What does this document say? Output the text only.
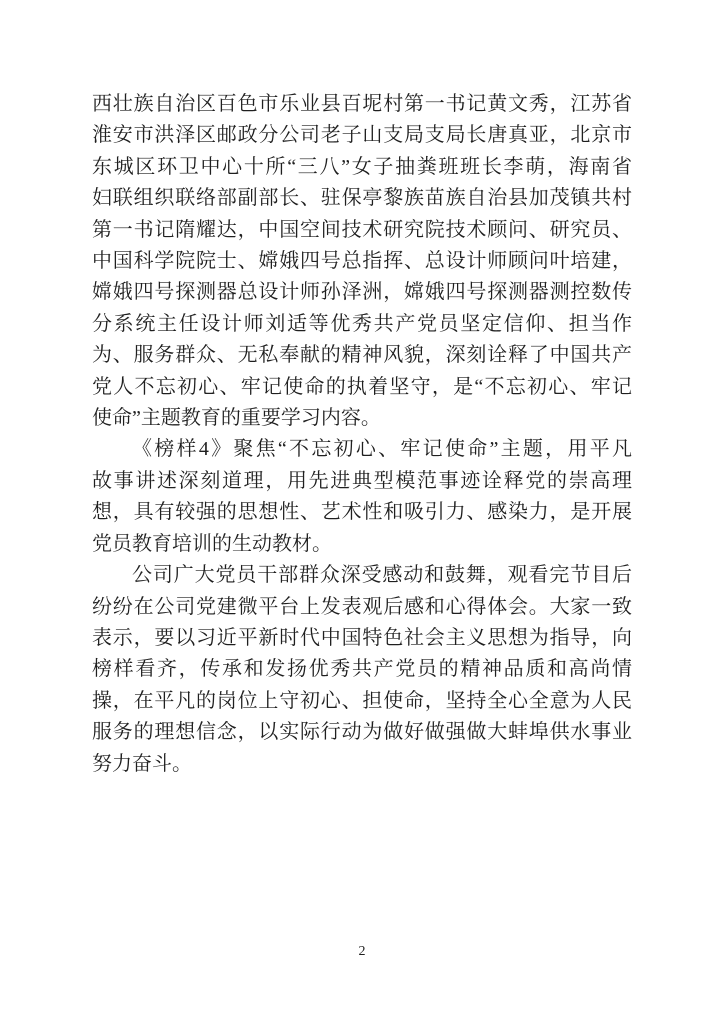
西壮族自治区百色市乐业县百坭村第一书记黄文秀，江苏省

淮安市洪泽区邮政分公司老子山支局支局长唐真亚，北京市

东城区环卫中心十所“三八”女子抽粪班班长李萌，海南省

妇联组织联络部副部长、驻保亭黎族苗族自治县加茂镇共村

第一书记隋耀达，中国空间技术研究院技术顾问、研究员、

中国科学院院士、嫦娥四号总指挥、总设计师顾问叶培建，

嫦娥四号探测器总设计师孙泽洲，嫦娥四号探测器测控数传

分系统主任设计师刘适等优秀共产党员坚定信仰、担当作

为、服务群众、无私奉献的精神风貌，深刻诠释了中国共产

党人不忘初心、牢记使命的执着坚守，是“不忘初心、牢记

使命”主题教育的重要学习内容。

《榜样4》聚焦“不忘初心、牢记使命”主题，用平凡

故事讲述深刻道理，用先进典型模范事迹诠释党的崇高理

想，具有较强的思想性、艺术性和吸引力、感染力，是开展

党员教育培训的生动教材。

公司广大党员干部群众深受感动和鼓舞，观看完节目后

纷纷在公司党建微平台上发表观后感和心得体会。大家一致

表示，要以习近平新时代中国特色社会主义思想为指导，向

榜样看齐，传承和发扬优秀共产党员的精神品质和高尚情

操，在平凡的岗位上守初心、担使命，坚持全心全意为人民

服务的理想信念，以实际行动为做好做强做大蚌埠供水事业

努力奋斗。

2
